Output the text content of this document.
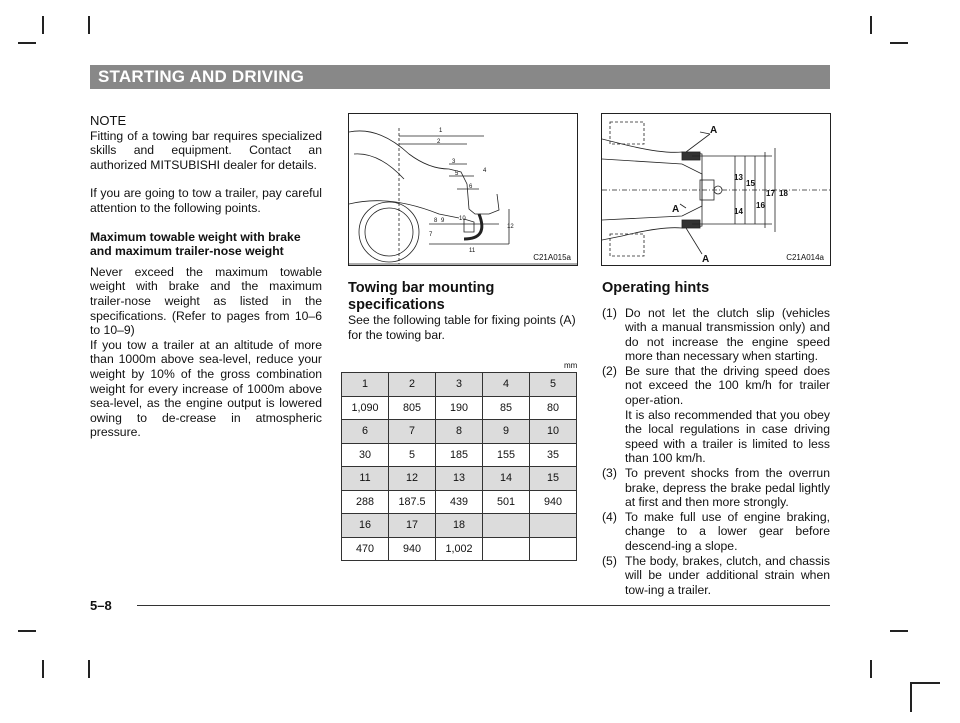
STARTING AND DRIVING

NOTE

Fitting of a towing bar requires specialized skills and equipment. Contact an authorized MITSUBISHI dealer for details.

If you are going to tow a trailer, pay careful attention to the following points.

Maximum towable weight with brake and maximum trailer-nose weight

Never exceed the maximum towable weight with brake and the maximum trailer-nose weight as listed in the specifications. (Refer to pages from 10–6 to 10–9)

If you tow a trailer at an altitude of more than 1000m above sea-level, reduce your weight by 10% of the gross combination weight for every increase of 1000m above sea-level, as the engine output is lowered owing to de-crease in atmospheric pressure.

1
2
3
4
5
6
7
8 9 10
11
12
C21A015a
A
A
A
13
14
15
16
17 18
C21A014a

Towing bar mounting specifications

See the following table for fixing points (A) for the towing bar.

mm
1	2	3	4	5
1,090	805	190	85	80
6	7	8	9	10
30	5	185	155	35
11	12	13	14	15
288	187.5	439	501	940
16	17	18		
470	940	1,002		

Operating hints

(1) Do not let the clutch slip (vehicles with a manual transmission only) and do not increase the engine speed more than necessary when starting.
(2) Be sure that the driving speed does not exceed the 100 km/h for trailer oper-ation.
It is also recommended that you obey the local regulations in case driving speed with a trailer is limited to less than 100 km/h.
(3) To prevent shocks from the overrun brake, depress the brake pedal lightly at first and then more strongly.
(4) To make full use of engine braking, change to a lower gear before descend-ing a slope.
(5) The body, brakes, clutch, and chassis will be under additional strain when tow-ing a trailer.
5–8
